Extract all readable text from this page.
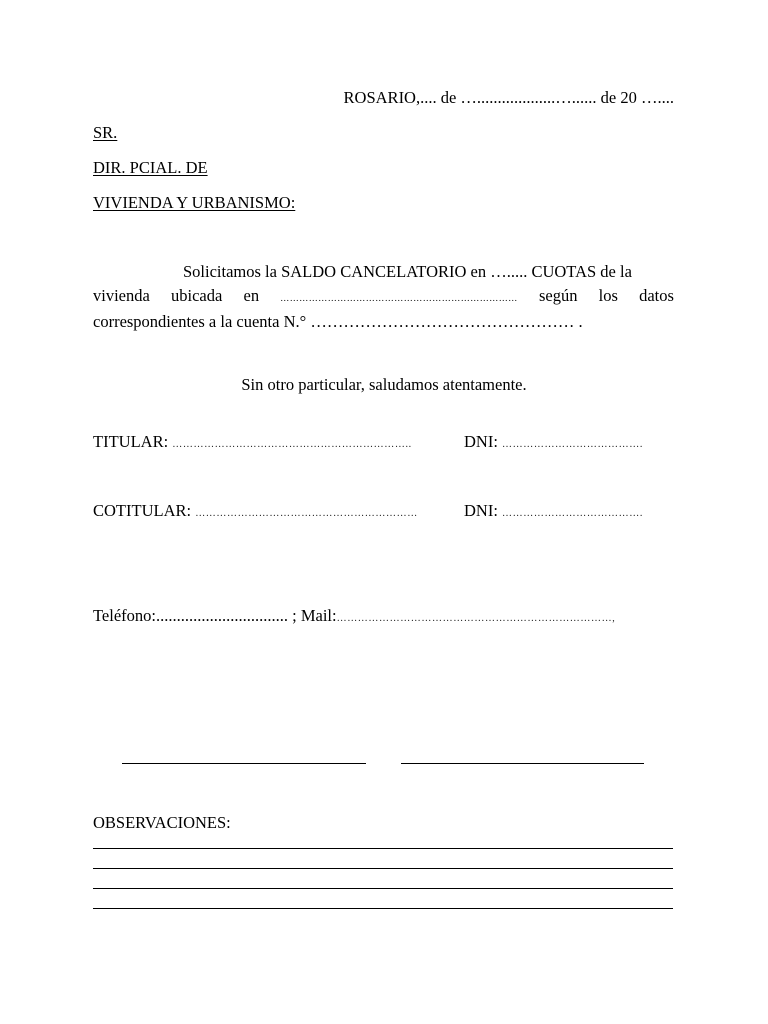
ROSARIO,.... de …...................…...... de 20 …....
SR.
DIR. PCIAL. DE
VIVIENDA Y URBANISMO:
Solicitamos la SALDO CANCELATORIO en …..... CUOTAS de la
vivienda ubicada en ………………………………………………………………… según los datos
correspondientes a la cuenta N.° ………………………………………… .
Sin otro particular, saludamos atentamente.
TITULAR: …………………………………………………………..	DNI: ………………………………….
COTITULAR: ………………………………………………………	DNI: ………………………………….
Teléfono:................................ ; Mail:……………………………………………………………………,
OBSERVACIONES:
